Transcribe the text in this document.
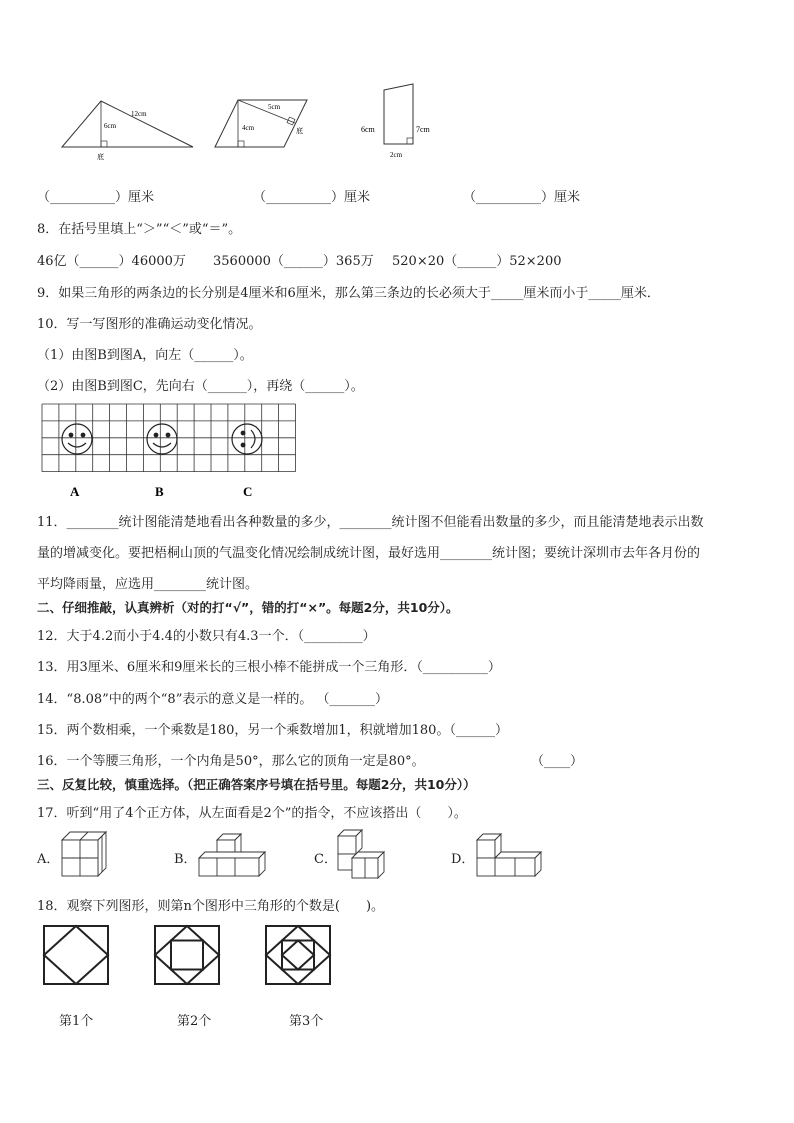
6cm
12cm
底
5cm
4cm	底	6cm	7cm
2cm
（__________）厘米	（__________）厘米	（__________）厘米
8．在括号里填上“＞”“＜”或“＝”。
46亿（______）46000万 3560000（______）365万 520×20（______）52×200
9．如果三角形的两条边的长分别是4厘米和6厘米，那么第三条边的长必须大于_____厘米而小于_____厘米．
10．写一写图形的准确运动变化情况。
（1）由图B到图A，向左（______）。
（2）由图B到图C，先向右（______），再绕（______）。
A	B	C
11．________统计图能清楚地看出各种数量的多少，________统计图不但能看出数量的多少，而且能清楚地表示出数
量的增减变化。要把梧桐山顶的气温变化情况绘制成统计图，最好选用________统计图；要统计深圳市去年各月份的
平均降雨量，应选用________统计图。
二、仔细推敲，认真辨析（对的打“√”，错的打“×”。每题2分，共10分）。
12．大于4.2而小于4.4的小数只有4.3一个．（_________）
13．用3厘米、6厘米和9厘米长的三根小棒不能拼成一个三角形．（__________）
14．“8.08”中的两个“8”表示的意义是一样的。 （_______）
15．两个数相乘，一个乘数是180，另一个乘数增加1，积就增加180。（______）
16．一个等腰三角形，一个内角是50°，那么它的顶角一定是80°。	（____）
三、反复比较，慎重选择。（把正确答案序号填在括号里。每题2分，共10分））
17．听到“用了4个正方体，从左面看是2个”的指令，不应该搭出（　　）。
A．	B．	C．	D．
18．观察下列图形，则第n个图形中三角形的个数是(　　)。
第1个	第2个	第3个
